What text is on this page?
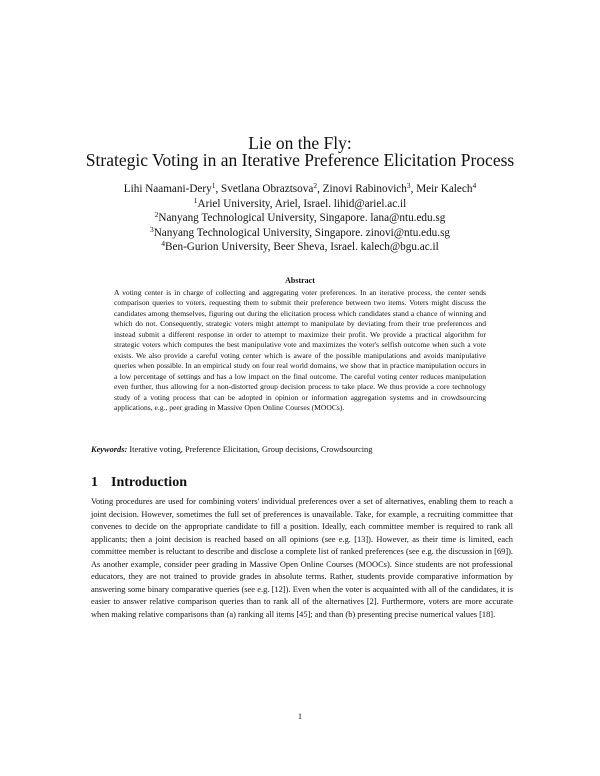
Lie on the Fly:
Strategic Voting in an Iterative Preference Elicitation Process
Lihi Naamani-Dery$^1$, Svetlana Obraztsova$^2$, Zinovi Rabinovich$^3$, Meir Kalech$^4$
$^1$Ariel University, Ariel, Israel. lihid@ariel.ac.il
$^2$Nanyang Technological University, Singapore. lana@ntu.edu.sg
$^3$Nanyang Technological University, Singapore. zinovi@ntu.edu.sg
$^4$Ben-Gurion University, Beer Sheva, Israel. kalech@bgu.ac.il
Abstract

A voting center is in charge of collecting and aggregating voter preferences. In an iterative process, the center sends comparison queries to voters, requesting them to submit their preference between two items. Voters might discuss the candidates among themselves, figuring out during the elicitation process which candidates stand a chance of winning and which do not. Consequently, strategic voters might attempt to manipulate by deviating from their true preferences and instead submit a different response in order to attempt to maximize their profit. We provide a practical algorithm for strategic voters which computes the best manipulative vote and maximizes the voter's selfish outcome when such a vote exists. We also provide a careful voting center which is aware of the possible manipulations and avoids manipulative queries when possible. In an empirical study on four real world domains, we show that in practice manipulation occurs in a low percentage of settings and has a low impact on the final outcome. The careful voting center reduces manipulation even further, thus allowing for a non-distorted group decision process to take place. We thus provide a core technology study of a voting process that can be adopted in opinion or information aggregation systems and in crowdsourcing applications, e.g., peer grading in Massive Open Online Courses (MOOCs).

Keywords: Iterative voting, Preference Elicitation, Group decisions, Crowdsourcing
1 Introduction

Voting procedures are used for combining voters' individual preferences over a set of alternatives, enabling them to reach a joint decision. However, sometimes the full set of preferences is unavailable. Take, for example, a recruiting committee that convenes to decide on the appropriate candidate to fill a position. Ideally, each committee member is required to rank all applicants; then a joint decision is reached based on all opinions (see e.g. [13]). However, as their time is limited, each committee member is reluctant to describe and disclose a complete list of ranked preferences (see e.g. the discussion in [69]). As another example, consider peer grading in Massive Open Online Courses (MOOCs). Since students are not professional educators, they are not trained to provide grades in absolute terms. Rather, students provide comparative information by answering some binary comparative queries (see e.g. [12]). Even when the voter is acquainted with all of the candidates, it is easier to answer relative comparison queries than to rank all of the alternatives [2]. Furthermore, voters are more accurate when making relative comparisons than (a) ranking all items [45]; and than (b) presenting precise numerical values [18].

1
